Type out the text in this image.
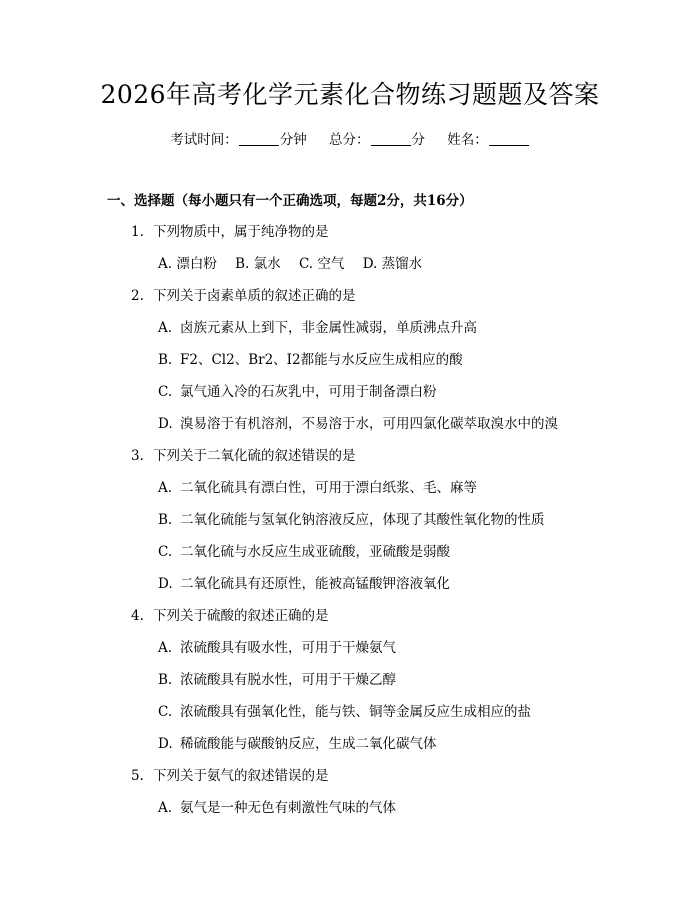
2026年高考化学元素化合物练习题题及答案
考试时间：	分钟 总分：	分 姓名：
一、选择题（每小题只有一个正确选项，每题2分，共16分）
1. 下列物质中，属于纯净物的是
A. 漂白粉 B. 氯水 C. 空气 D. 蒸馏水
2. 下列关于卤素单质的叙述正确的是
A. 卤族元素从上到下，非金属性减弱，单质沸点升高
B. F2、Cl2、Br2、I2都能与水反应生成相应的酸
C. 氯气通入冷的石灰乳中，可用于制备漂白粉
D. 溴易溶于有机溶剂，不易溶于水，可用四氯化碳萃取溴水中的溴
3. 下列关于二氧化硫的叙述错误的是
A. 二氧化硫具有漂白性，可用于漂白纸浆、毛、麻等
B. 二氧化硫能与氢氧化钠溶液反应，体现了其酸性氧化物的性质
C. 二氧化硫与水反应生成亚硫酸，亚硫酸是弱酸
D. 二氧化硫具有还原性，能被高锰酸钾溶液氧化
4. 下列关于硫酸的叙述正确的是
A. 浓硫酸具有吸水性，可用于干燥氨气
B. 浓硫酸具有脱水性，可用于干燥乙醇
C. 浓硫酸具有强氧化性，能与铁、铜等金属反应生成相应的盐
D. 稀硫酸能与碳酸钠反应，生成二氧化碳气体
5. 下列关于氨气的叙述错误的是
A. 氨气是一种无色有刺激性气味的气体
